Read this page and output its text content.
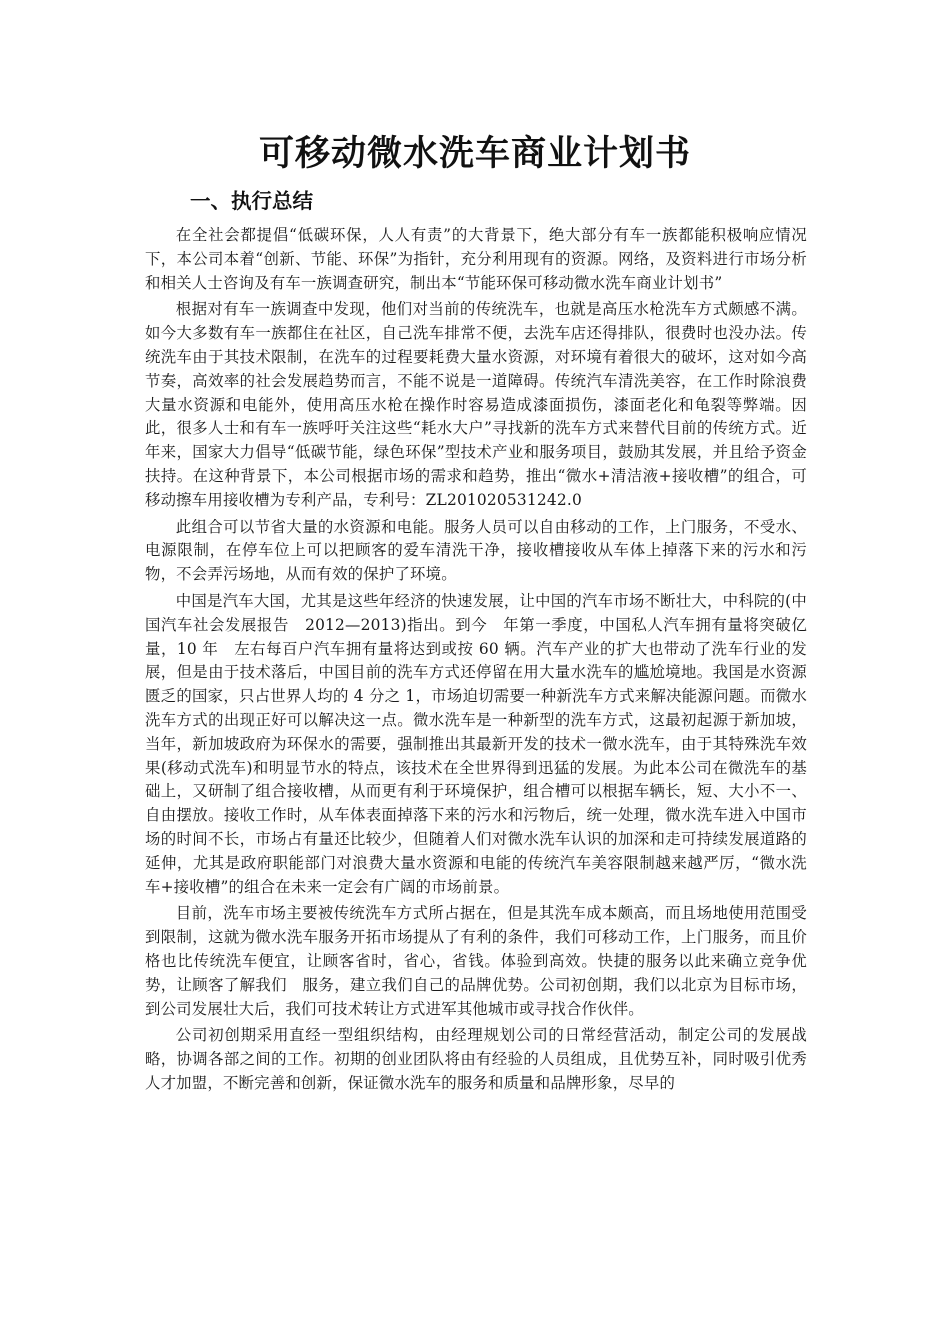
可移动微水洗车商业计划书
一、执行总结

在全社会都提倡“低碳环保，人人有责”的大背景下，绝大部分有车一族都能积极响应情况下，本公司本着“创新、节能、环保”为指针，充分利用现有的资源。网络，及资料进行市场分析和相关人士咨询及有车一族调查研究，制出本“节能环保可移动微水洗车商业计划书”

根据对有车一族调查中发现，他们对当前的传统洗车，也就是高压水枪洗车方式颇感不满。如今大多数有车一族都住在社区，自己洗车排常不便，去洗车店还得排队，很费时也没办法。传统洗车由于其技术限制，在洗车的过程要耗费大量水资源，对环境有着很大的破坏，这对如今高节奏，高效率的社会发展趋势而言，不能不说是一道障碍。传统汽车清洗美容，在工作时除浪费大量水资源和电能外，使用高压水枪在操作时容易造成漆面损伤，漆面老化和龟裂等弊端。因此，很多人士和有车一族呼吁关注这些“耗水大户”寻找新的洗车方式来替代目前的传统方式。近年来，国家大力倡导“低碳节能，绿色环保”型技术产业和服务项目，鼓励其发展，并且给予资金扶持。在这种背景下，本公司根据市场的需求和趋势，推出“微水+清洁液+接收槽”的组合，可移动擦车用接收槽为专利产品，专利号：ZL201020531242.0

此组合可以节省大量的水资源和电能。服务人员可以自由移动的工作，上门服务，不受水、电源限制，在停车位上可以把顾客的爱车清洗干净，接收槽接收从车体上掉落下来的污水和污物，不会弄污场地，从而有效的保护了环境。

中国是汽车大国，尤其是这些年经济的快速发展，让中国的汽车市场不断壮大，中科院的(中国汽车社会发展报告　2012—2013)指出。到今　年第一季度，中国私人汽车拥有量将突破亿量，10 年　左右每百户汽车拥有量将达到或按 60 辆。汽车产业的扩大也带动了洗车行业的发展，但是由于技术落后，中国目前的洗车方式还停留在用大量水洗车的尴尬境地。我国是水资源匮乏的国家，只占世界人均的 4 分之 1，市场迫切需要一种新洗车方式来解决能源问题。而微水洗车方式的出现正好可以解决这一点。微水洗车是一种新型的洗车方式，这最初起源于新加坡，当年，新加坡政府为环保水的需要，强制推出其最新开发的技术一微水洗车，由于其特殊洗车效果(移动式洗车)和明显节水的特点，该技术在全世界得到迅猛的发展。为此本公司在微洗车的基础上，又研制了组合接收槽，从而更有利于环境保护，组合槽可以根据车辆长，短、大小不一、自由摆放。接收工作时，从车体表面掉落下来的污水和污物后，统一处理，微水洗车进入中国市场的时间不长，市场占有量还比较少，但随着人们对微水洗车认识的加深和走可持续发展道路的延伸，尤其是政府职能部门对浪费大量水资源和电能的传统汽车美容限制越来越严厉，“微水洗车+接收槽”的组合在未来一定会有广阔的市场前景。

目前，洗车市场主要被传统洗车方式所占据在，但是其洗车成本颇高，而且场地使用范围受到限制，这就为微水洗车服务开拓市场提从了有利的条件，我们可移动工作，上门服务，而且价格也比传统洗车便宜，让顾客省时，省心，省钱。体验到高效。快捷的服务以此来确立竞争优势，让顾客了解我们　服务，建立我们自己的品牌优势。公司初创期，我们以北京为目标市场，到公司发展壮大后，我们可技术转让方式进军其他城市或寻找合作伙伴。

公司初创期采用直经一型组织结构，由经理规划公司的日常经营活动，制定公司的发展战略，协调各部之间的工作。初期的创业团队将由有经验的人员组成，且优势互补，同时吸引优秀人才加盟，不断完善和创新，保证微水洗车的服务和质量和品牌形象，尽早的
